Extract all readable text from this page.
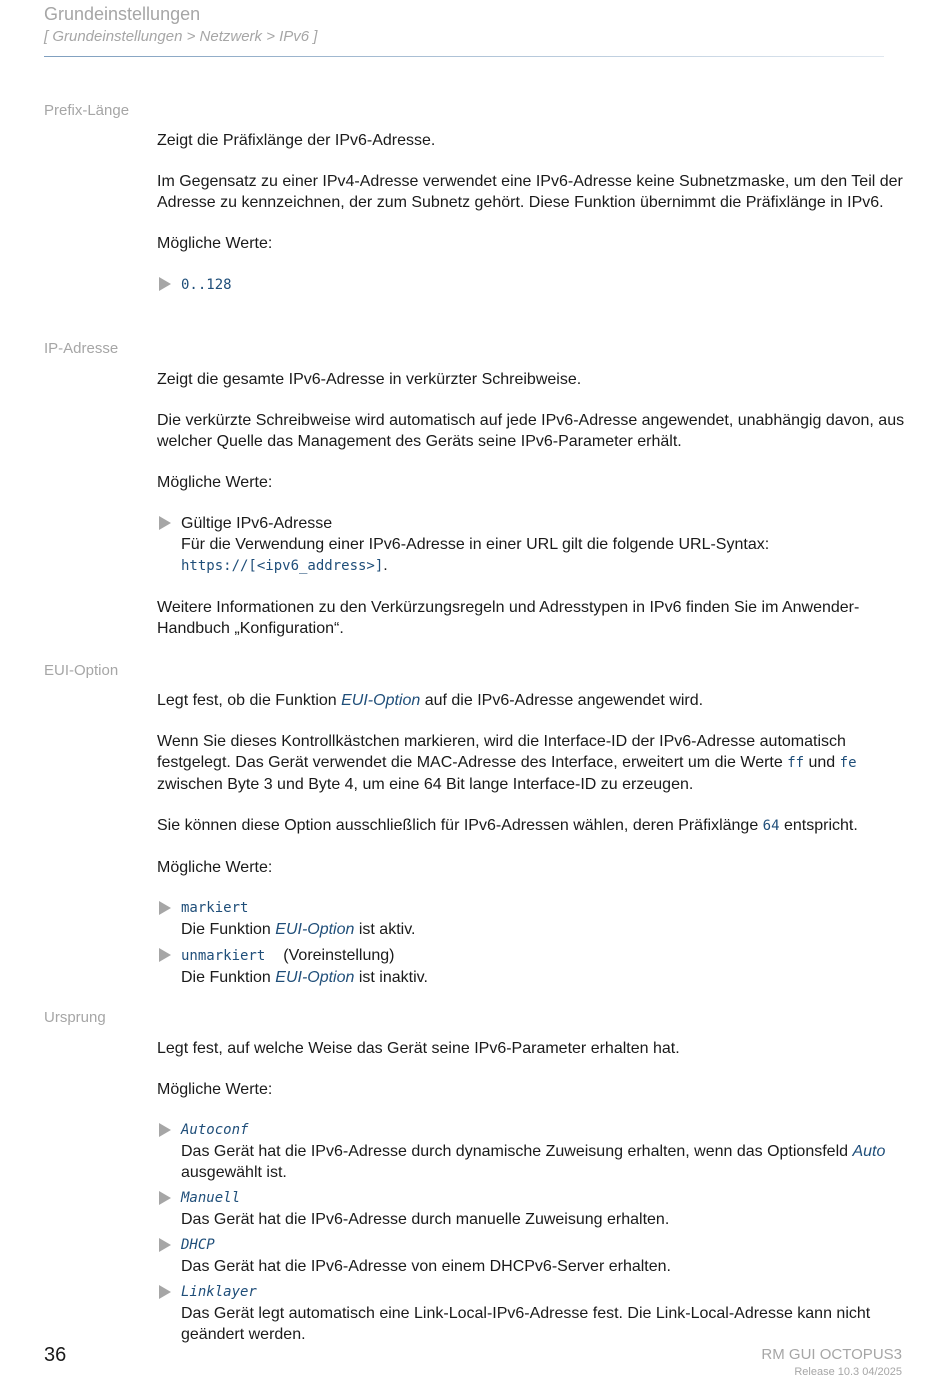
Grundeinstellungen
[ Grundeinstellungen > Netzwerk > IPv6 ]
Prefix-Länge

Zeigt die Präfixlänge der IPv6-Adresse.

Im Gegensatz zu einer IPv4-Adresse verwendet eine IPv6-Adresse keine Subnetzmaske, um den Teil der Adresse zu kennzeichnen, der zum Subnetz gehört. Diese Funktion übernimmt die Präfixlänge in IPv6.

Mögliche Werte:

0..128
IP-Adresse

Zeigt die gesamte IPv6-Adresse in verkürzter Schreibweise.

Die verkürzte Schreibweise wird automatisch auf jede IPv6-Adresse angewendet, unabhängig davon, aus welcher Quelle das Management des Geräts seine IPv6-Parameter erhält.

Mögliche Werte:

Gültige IPv6-Adresse
Für die Verwendung einer IPv6-Adresse in einer URL gilt die folgende URL-Syntax: https://[<ipv6_address>].

Weitere Informationen zu den Verkürzungsregeln und Adresstypen in IPv6 finden Sie im Anwender-Handbuch „Konfiguration“.

EUI-Option

Legt fest, ob die Funktion EUI-Option auf die IPv6-Adresse angewendet wird.

Wenn Sie dieses Kontrollkästchen markieren, wird die Interface-ID der IPv6-Adresse automatisch festgelegt. Das Gerät verwendet die MAC-Adresse des Interface, erweitert um die Werte ff und fe zwischen Byte 3 und Byte 4, um eine 64 Bit lange Interface-ID zu erzeugen.

Sie können diese Option ausschließlich für IPv6-Adressen wählen, deren Präfixlänge 64 entspricht.

Mögliche Werte:

markiert
Die Funktion EUI-Option ist aktiv.
unmarkiert (Voreinstellung)
Die Funktion EUI-Option ist inaktiv.
Ursprung

Legt fest, auf welche Weise das Gerät seine IPv6-Parameter erhalten hat.

Mögliche Werte:

Autoconf
Das Gerät hat die IPv6-Adresse durch dynamische Zuweisung erhalten, wenn das Optionsfeld Auto ausgewählt ist.
Manuell
Das Gerät hat die IPv6-Adresse durch manuelle Zuweisung erhalten.
DHCP
Das Gerät hat die IPv6-Adresse von einem DHCPv6-Server erhalten.
Linklayer
Das Gerät legt automatisch eine Link-Local-IPv6-Adresse fest. Die Link-Local-Adresse kann nicht geändert werden.
36	RM GUI OCTOPUS3
Release 10.3 04/2025
